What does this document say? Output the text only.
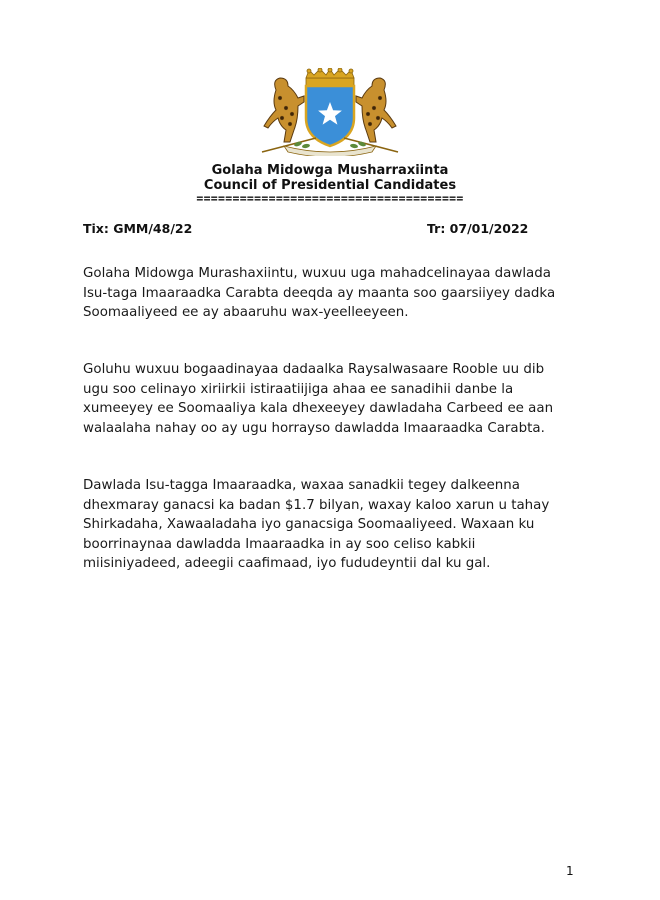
Golaha Midowga Musharraxiinta
Council of Presidential Candidates
=====================================
Tix: GMM/48/22	Tr: 07/01/2022
Golaha Midowga Murashaxiintu, wuxuu uga mahadcelinayaa dawlada Isu-taga Imaaraadka Carabta deeqda ay maanta soo gaarsiiyey dadka Soomaaliyeed ee ay abaaruhu wax-yeelleeyeen.
Goluhu wuxuu bogaadinayaa dadaalka Raysalwasaare Rooble uu dib ugu soo celinayo xiriirkii istiraatiijiga ahaa ee sanadihii danbe la xumeeyey ee Soomaaliya kala dhexeeyey dawladaha Carbeed ee aan walaalaha nahay oo ay ugu horrayso dawladda Imaaraadka Carabta.
Dawlada Isu-tagga Imaaraadka, waxaa sanadkii tegey dalkeenna dhexmaray ganacsi ka badan $1.7 bilyan, waxay kaloo xarun u tahay Shirkadaha, Xawaaladaha iyo ganacsiga Soomaaliyeed. Waxaan ku boorrinaynaa dawladda Imaaraadka in ay soo celiso kabkii miisiniyadeed, adeegii caafimaad, iyo fududeyntii dal ku gal.
1
